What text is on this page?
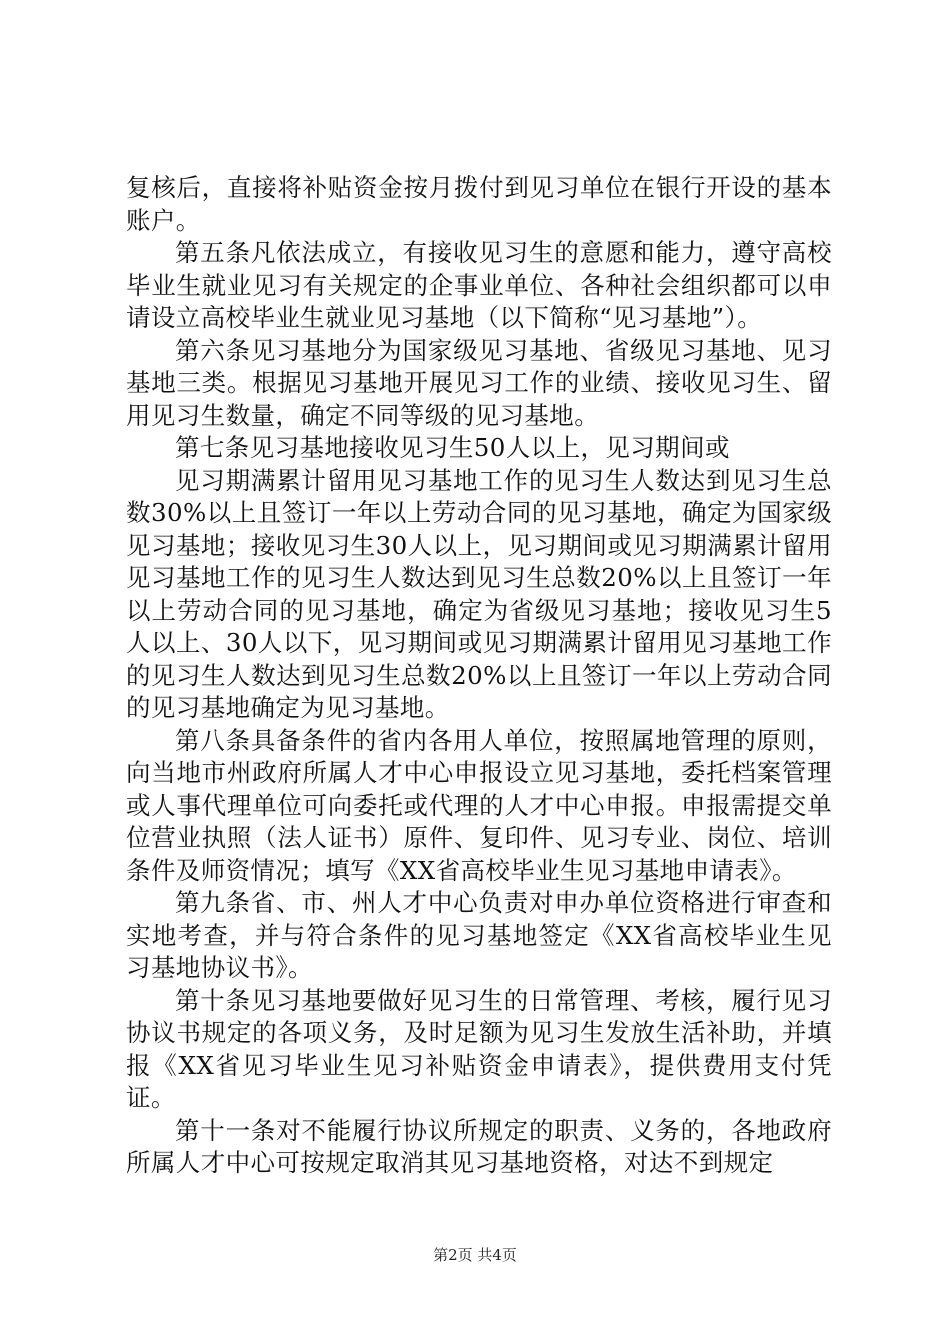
复核后，直接将补贴资金按月拨付到见习单位在银行开设的基本账户。

第五条凡依法成立，有接收见习生的意愿和能力，遵守高校毕业生就业见习有关规定的企事业单位、各种社会组织都可以申请设立高校毕业生就业见习基地（以下简称“见习基地”）。

第六条见习基地分为国家级见习基地、省级见习基地、见习基地三类。根据见习基地开展见习工作的业绩、接收见习生、留用见习生数量，确定不同等级的见习基地。

第七条见习基地接收见习生50人以上，见习期间或

见习期满累计留用见习基地工作的见习生人数达到见习生总数30%以上且签订一年以上劳动合同的见习基地，确定为国家级见习基地；接收见习生30人以上，见习期间或见习期满累计留用见习基地工作的见习生人数达到见习生总数20%以上且签订一年以上劳动合同的见习基地，确定为省级见习基地；接收见习生5人以上、30人以下，见习期间或见习期满累计留用见习基地工作的见习生人数达到见习生总数20%以上且签订一年以上劳动合同的见习基地确定为见习基地。

第八条具备条件的省内各用人单位，按照属地管理的原则，向当地市州政府所属人才中心申报设立见习基地，委托档案管理或人事代理单位可向委托或代理的人才中心申报。申报需提交单位营业执照（法人证书）原件、复印件、见习专业、岗位、培训条件及师资情况；填写《XX省高校毕业生见习基地申请表》。

第九条省、市、州人才中心负责对申办单位资格进行审查和实地考查，并与符合条件的见习基地签定《XX省高校毕业生见习基地协议书》。

第十条见习基地要做好见习生的日常管理、考核，履行见习协议书规定的各项义务，及时足额为见习生发放生活补助，并填报《XX省见习毕业生见习补贴资金申请表》，提供费用支付凭证。

第十一条对不能履行协议所规定的职责、义务的，各地政府所属人才中心可按规定取消其见习基地资格，对达不到规定

第2页 共4页
